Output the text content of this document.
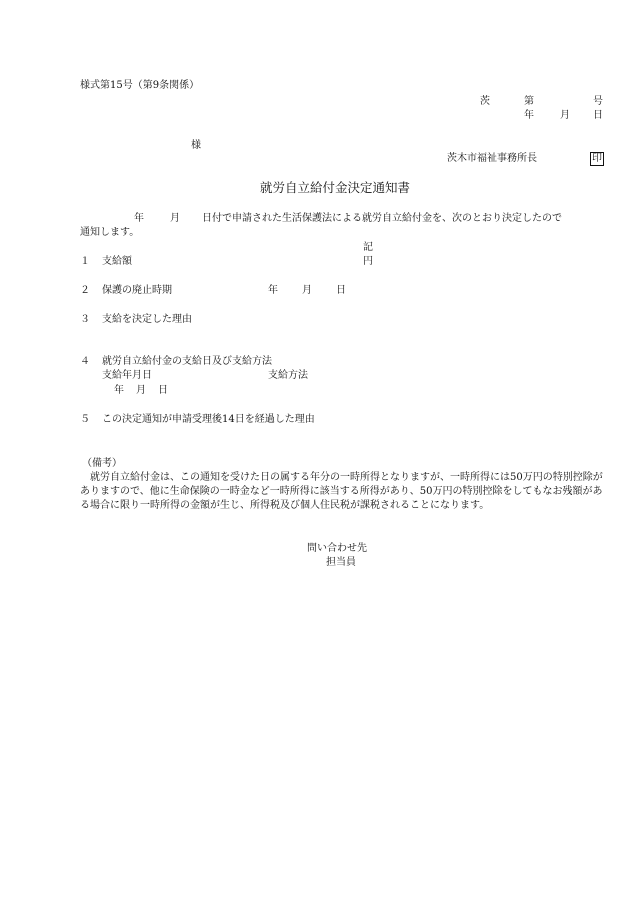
様式第15号（第9条関係）
茨	第	号
年	月 日
様
茨木市福祉事務所長	印
就労自立給付金決定通知書
年	月 日付で申請された生活保護法による就労自立給付金を、次のとおり決定したので
通知します。
記
１ 支給額	円
２ 保護の廃止時期	年 月 日
３ 支給を決定した理由
４ 就労自立給付金の支給日及び支給方法
支給年月日	支給方法
年 月 日
５ この決定通知が申請受理後14日を経過した理由
（備考）
就労自立給付金は、この通知を受けた日の属する年分の一時所得となりますが、一時所得には50万円の特別控除がありますので、他に生命保険の一時金など一時所得に該当する所得があり、50万円の特別控除をしてもなお残額がある場合に限り一時所得の金額が生じ、所得税及び個人住民税が課税されることになります。
問い合わせ先
担当員
